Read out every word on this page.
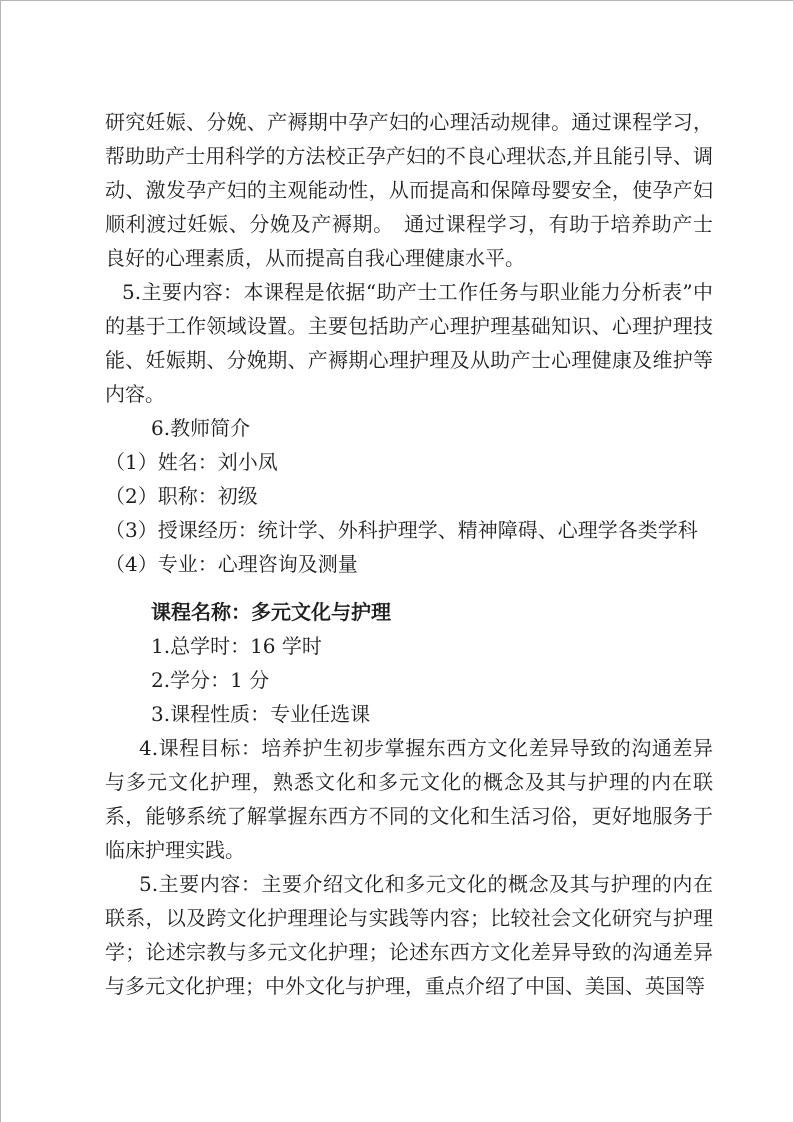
研究妊娠、分娩、产褥期中孕产妇的心理活动规律。通过课程学习，帮助助产士用科学的方法校正孕产妇的不良心理状态,并且能引导、调动、激发孕产妇的主观能动性，从而提高和保障母婴安全，使孕产妇顺利渡过妊娠、分娩及产褥期。　通过课程学习，有助于培养助产士良好的心理素质，从而提高自我心理健康水平。

5.主要内容：本课程是依据“助产士工作任务与职业能力分析表”中的基于工作领域设置。主要包括助产心理护理基础知识、心理护理技能、妊娠期、分娩期、产褥期心理护理及从助产士心理健康及维护等内容。

6.教师简介

（1）姓名：刘小凤

（2）职称：初级

（3）授课经历：统计学、外科护理学、精神障碍、心理学各类学科

（4）专业：心理咨询及测量

课程名称：多元文化与护理

1.总学时：16 学时

2.学分：1 分

3.课程性质：专业任选课

4.课程目标：培养护生初步掌握东西方文化差异导致的沟通差异与多元文化护理，熟悉文化和多元文化的概念及其与护理的内在联系，能够系统了解掌握东西方不同的文化和生活习俗，更好地服务于临床护理实践。

5.主要内容：主要介绍文化和多元文化的概念及其与护理的内在联系，以及跨文化护理理论与实践等内容；比较社会文化研究与护理学；论述宗教与多元文化护理；论述东西方文化差异导致的沟通差异与多元文化护理；中外文化与护理，重点介绍了中国、美国、英国等
